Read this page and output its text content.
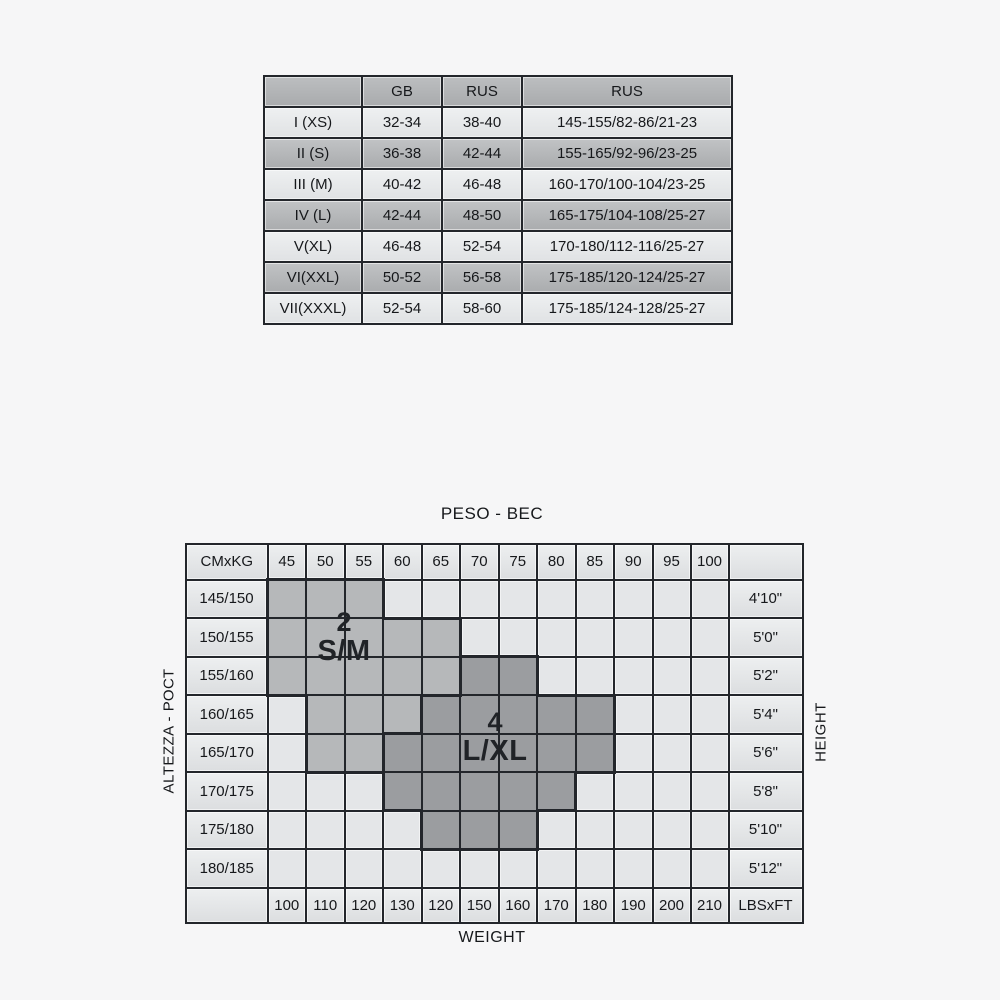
	GB	RUS	RUS
I (XS)	32-34	38-40	145-155/82-86/21-23
II (S)	36-38	42-44	155-165/92-96/23-25
III (M)	40-42	46-48	160-170/100-104/23-25
IV (L)	42-44	48-50	165-175/104-108/25-27
V(XL)	46-48	52-54	170-180/112-116/25-27
VI(XXL)	50-52	56-58	175-185/120-124/25-27
VII(XXXL)	52-54	58-60	175-185/124-128/25-27
PESO - ВЕС
CMxKG	45	50	55	60	65	70	75	80	85	90	95	100	
145/150													4'10"
150/155													5'0"
155/160													5'2"
160/165													5'4"
165/170													5'6"
170/175													5'8"
175/180													5'10"
180/185													5'12"
	100	110	120	130	120	150	160	170	180	190	200	210	LBSxFT
2
S/M
4
L/XL
ALTEZZA - РОСТ	HEIGHT
WEIGHT
